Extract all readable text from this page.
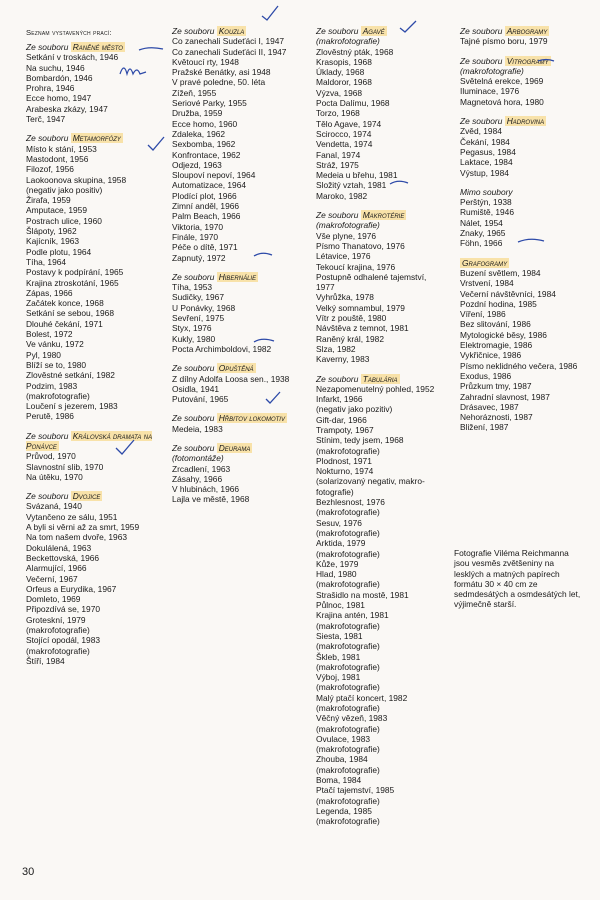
Seznam vystavených prací:
Ze souboru Raněné město
Setkání v troskách, 1946
Na suchu, 1946
Bombardón, 1946
Prohra, 1946
Ecce homo, 1947
Arabeska zkázy, 1947
Terč, 1947
Ze souboru Metamorfózy
Místo k stání, 1953
Mastodont, 1956
Filozof, 1956
Laokoonova skupina, 1958
(negativ jako positiv)
Žirafa, 1959
Amputace, 1959
Postrach ulice, 1960
Šlápoty, 1962
Kajícník, 1963
Podle plotu, 1964
Tíha, 1964
Postavy k podpírání, 1965
Krajina ztroskotání, 1965
Zápas, 1966
Začátek konce, 1968
Setkání se sebou, 1968
Dlouhé čekání, 1971
Bolest, 1972
Ve vánku, 1972
Pyl, 1980
Blíží se to, 1980
Zlověstné setkání, 1982
Podzim, 1983
(makrofotografie)
Loučení s jezerem, 1983
Perutě, 1986
Ze souboru Královská dramata na Ponávce
Průvod, 1970
Slavnostní slib, 1970
Na útěku, 1970
Ze souboru Dvojice
Svázaná, 1940
Vytančeno ze sálu, 1951
A byli si věrni až za smrt, 1959
Na tom našem dvoře, 1963
Dokulálená, 1963
Beckettovská, 1966
Alarmující, 1966
Večerní, 1967
Orfeus a Eurydika, 1967
Domleto, 1969
Připozdívá se, 1970
Groteskní, 1979
(makrofotografie)
Stojící opodál, 1983
(makrofotografie)
Štíří, 1984
Ze souboru Kouzla
Co zanechali Sudeťáci I, 1947
Co zanechali Sudeťáci II, 1947
Květoucí rty, 1948
Pražské Benátky, asi 1948
V pravé poledne, 50. léta
Zížeň, 1955
Seriové Parky, 1955
Družba, 1959
Ecce homo, 1960
Zdaleka, 1962
Sexbomba, 1962
Konfrontace, 1962
Odjezd, 1963
Sloupoví nepoví, 1964
Automatizace, 1964
Plodící plot, 1966
Zimní anděl, 1966
Palm Beach, 1966
Viktoria, 1970
Finále, 1970
Péče o dítě, 1971
Zapnutý, 1972
Ze souboru Hibernálie
Tíha, 1953
Sudičky, 1967
U Ponávky, 1968
Sevření, 1975
Styx, 1976
Kukly, 1980
Pocta Archimboldovi, 1982
Ze souboru Opuštěná
Z dílny Adolfa Loosa sen., 1938
Osidla, 1941
Putování, 1965
Ze souboru Hřbitov lokomotiv
Medeia, 1983
Ze souboru Deurama
(fotomontáže)
Zrcadlení, 1963
Zásahy, 1966
V hlubinách, 1966
Lajla ve městě, 1968
Ze souboru Agavé
(makrofotografie)
Zlověstný pták, 1968
Krasopis, 1968
Úklady, 1968
Maldoror, 1968
Výzva, 1968
Pocta Dalímu, 1968
Torzo, 1968
Tělo Agave, 1974
Scirocco, 1974
Vendetta, 1974
Fanal, 1974
Stráž, 1975
Medeia u břehu, 1981
Složitý vztah, 1981
Maroko, 1982
Ze souboru Makrotérie
(makrofotografie)
Vše plyne, 1976
Písmo Thanatovo, 1976
Létavice, 1976
Tekoucí krajina, 1976
Postupně odhalené tajemství,
1977
Vyhrůžka, 1978
Velký somnambul, 1979
Vítr z pouště, 1980
Návštěva z temnot, 1981
Raněný král, 1982
Slza, 1982
Kaverny, 1983
Ze souboru Tabulária
Nezapomenutelný pohled, 1952
Infarkt, 1966
(negativ jako pozitiv)
Gift-dar, 1966
Trampoty, 1967
Stínim, tedy jsem, 1968
(makrofotografie)
Plodnost, 1971
Nokturno, 1974
(solarizovaný negativ, makro-
fotografie)
Bezhlesnost, 1976
(makrofotografie)
Sesuv, 1976
(makrofotografie)
Arktida, 1979
(makrofotografie)
Kůže, 1979
Hlad, 1980
(makrofotografie)
Strašidlo na mostě, 1981
Půlnoc, 1981
Krajina antén, 1981
(makrofotografie)
Siesta, 1981
(makrofotografie)
Šklеb, 1981
(makrofotografie)
Výboj, 1981
(makrofotografie)
Malý ptačí koncert, 1982
(makrofotografie)
Věčný vězeň, 1983
(makrofotografie)
Ovulace, 1983
(makrofotografie)
Zhouba, 1984
(makrofotografie)
Boma, 1984
Ptačí tajemství, 1985
(makrofotografie)
Legenda, 1985
(makrofotografie)
Ze souboru Arbogramy
Tajné písmo boru, 1979
Ze souboru Vitrogramy
(makrofotografie)
Světelná erekce, 1969
Iluminace, 1976
Magnetová hora, 1980
Ze souboru Hadrovina
Zvěd, 1984
Čekání, 1984
Pegasus, 1984
Laktace, 1984
Výstup, 1984
Mimo soubory
Perštýn, 1938
Rumiště, 1946
Nálet, 1954
Znaky, 1965
Föhn, 1966
Grafogramy
Buzení světlem, 1984
Vrstvení, 1984
Večerní návštěvníci, 1984
Pozdní hodina, 1985
Víření, 1986
Bez slitování, 1986
Mytologické běsy, 1986
Elektromagie, 1986
Vykřičnice, 1986
Písmo neklidného večera, 1986
Exodus, 1986
Průzkum tmy, 1987
Zahradní slavnost, 1987
Drásavec, 1987
Nehoráznosti, 1987
Bližení, 1987
Fotografie Viléma Reichmanna jsou vesměs zvětšeniny na lesklých a matných papírech formátu 30 × 40 cm ze sedmdesátých a osmdesátých let, výjimečně starší.
30
